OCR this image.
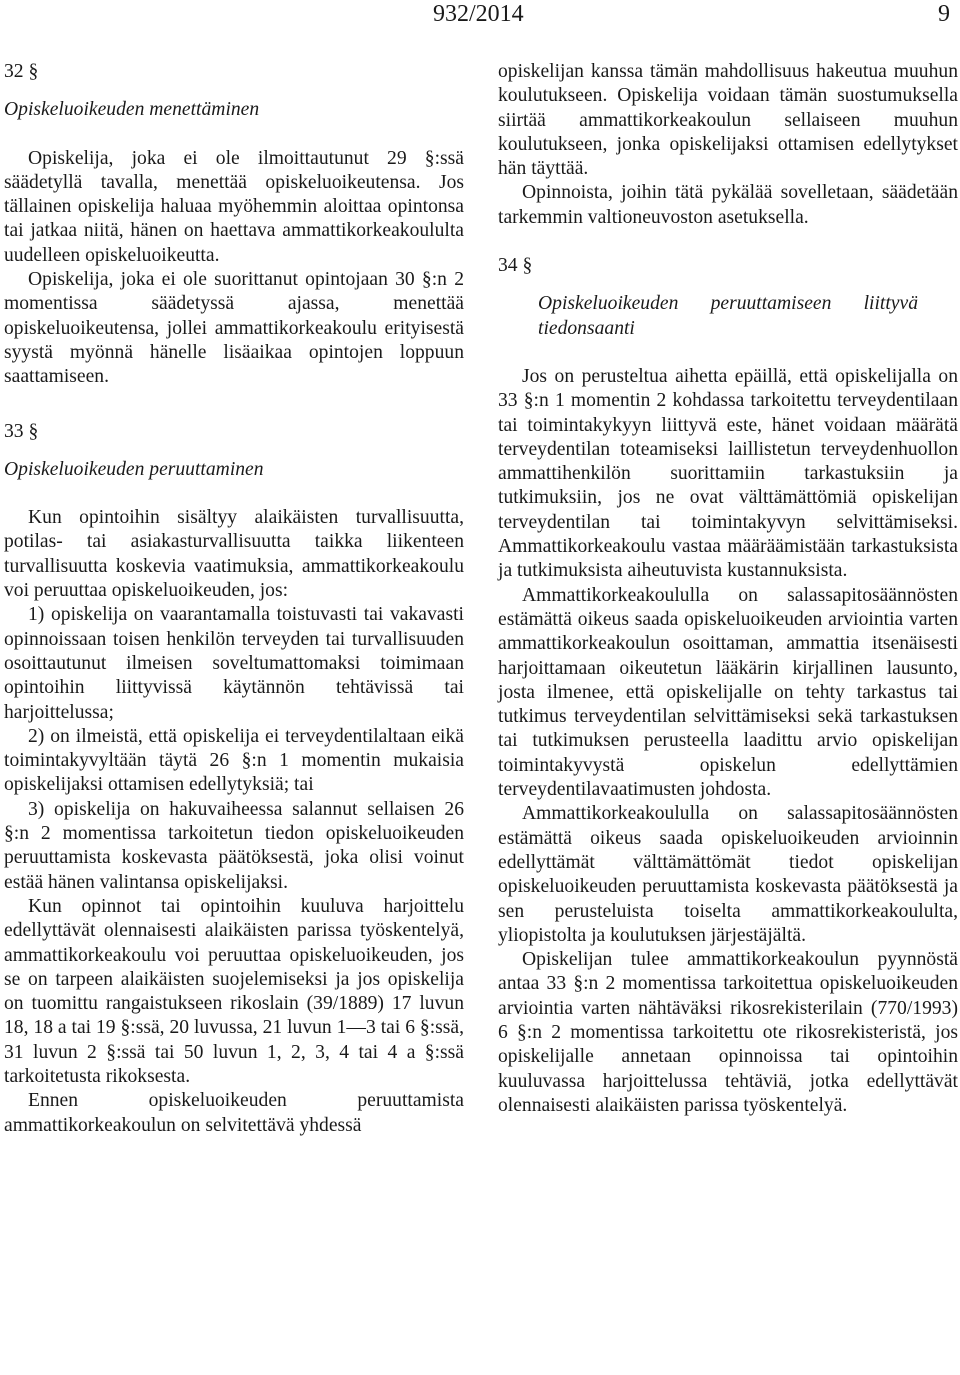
932/2014	9

32 §

Opiskeluoikeuden menettäminen

Opiskelija, joka ei ole ilmoittautunut 29 §:ssä säädetyllä tavalla, menettää opiskeluoikeutensa. Jos tällainen opiskelija haluaa myöhemmin aloittaa opintonsa tai jatkaa niitä, hänen on haettava ammattikorkeakoululta uudelleen opiskeluoikeutta.

Opiskelija, joka ei ole suorittanut opintojaan 30 §:n 2 momentissa säädetyssä ajassa, menettää opiskeluoikeutensa, jollei ammattikorkeakoulu erityisestä syystä myönnä hänelle lisäaikaa opintojen loppuun saattamiseen.

33 §

Opiskeluoikeuden peruuttaminen

Kun opintoihin sisältyy alaikäisten turvallisuutta, potilas- tai asiakasturvallisuutta taikka liikenteen turvallisuutta koskevia vaatimuksia, ammattikorkeakoulu voi peruuttaa opiskeluoikeuden, jos:

1) opiskelija on vaarantamalla toistuvasti tai vakavasti opinnoissaan toisen henkilön terveyden tai turvallisuuden osoittautunut ilmeisen soveltumattomaksi toimimaan opintoihin liittyvissä käytännön tehtävissä tai harjoittelussa;

2) on ilmeistä, että opiskelija ei terveydentilaltaan eikä toimintakyvyltään täytä 26 §:n 1 momentin mukaisia opiskelijaksi ottamisen edellytyksiä; tai

3) opiskelija on hakuvaiheessa salannut sellaisen 26 §:n 2 momentissa tarkoitetun tiedon opiskeluoikeuden peruuttamista koskevasta päätöksestä, joka olisi voinut estää hänen valintansa opiskelijaksi.

Kun opinnot tai opintoihin kuuluva harjoittelu edellyttävät olennaisesti alaikäisten parissa työskentelyä, ammattikorkeakoulu voi peruuttaa opiskeluoikeuden, jos se on tarpeen alaikäisten suojelemiseksi ja jos opiskelija on tuomittu rangaistukseen rikoslain (39/1889) 17 luvun 18, 18 a tai 19 §:ssä, 20 luvussa, 21 luvun 1—3 tai 6 §:ssä, 31 luvun 2 §:ssä tai 50 luvun 1, 2, 3, 4 tai 4 a §:ssä tarkoitetusta rikoksesta.

Ennen opiskeluoikeuden peruuttamista ammattikorkeakoulun on selvitettävä yhdessä

opiskelijan kanssa tämän mahdollisuus hakeutua muuhun koulutukseen. Opiskelija voidaan tämän suostumuksella siirtää ammattikorkeakoulun sellaiseen muuhun koulutukseen, jonka opiskelijaksi ottamisen edellytykset hän täyttää.

Opinnoista, joihin tätä pykälää sovelletaan, säädetään tarkemmin valtioneuvoston asetuksella.

34 §

Opiskeluoikeuden peruuttamiseen liittyvä tiedonsaanti

Jos on perusteltua aihetta epäillä, että opiskelijalla on 33 §:n 1 momentin 2 kohdassa tarkoitettu terveydentilaan tai toimintakykyyn liittyvä este, hänet voidaan määrätä terveydentilan toteamiseksi laillistetun terveydenhuollon ammattihenkilön suorittamiin tarkastuksiin ja tutkimuksiin, jos ne ovat välttämättömiä opiskelijan terveydentilan tai toimintakyvyn selvittämiseksi. Ammattikorkeakoulu vastaa määräämistään tarkastuksista ja tutkimuksista aiheutuvista kustannuksista.

Ammattikorkeakoululla on salassapitosäännösten estämättä oikeus saada opiskeluoikeuden arviointia varten ammattikorkeakoulun osoittaman, ammattia itsenäisesti harjoittamaan oikeutetun lääkärin kirjallinen lausunto, josta ilmenee, että opiskelijalle on tehty tarkastus tai tutkimus terveydentilan selvittämiseksi sekä tarkastuksen tai tutkimuksen perusteella laadittu arvio opiskelijan toimintakyvystä opiskelun edellyttämien terveydentilavaatimusten johdosta.

Ammattikorkeakoululla on salassapitosäännösten estämättä oikeus saada opiskeluoikeuden arvioinnin edellyttämät välttämättömät tiedot opiskelijan opiskeluoikeuden peruuttamista koskevasta päätöksestä ja sen perusteluista toiselta ammattikorkeakoululta, yliopistolta ja koulutuksen järjestäjältä.

Opiskelijan tulee ammattikorkeakoulun pyynnöstä antaa 33 §:n 2 momentissa tarkoitettua opiskeluoikeuden arviointia varten nähtäväksi rikosrekisterilain (770/1993) 6 §:n 2 momentissa tarkoitettu ote rikosrekisteristä, jos opiskelijalle annetaan opinnoissa tai opintoihin kuuluvassa harjoittelussa tehtäviä, jotka edellyttävät olennaisesti alaikäisten parissa työskentelyä.
